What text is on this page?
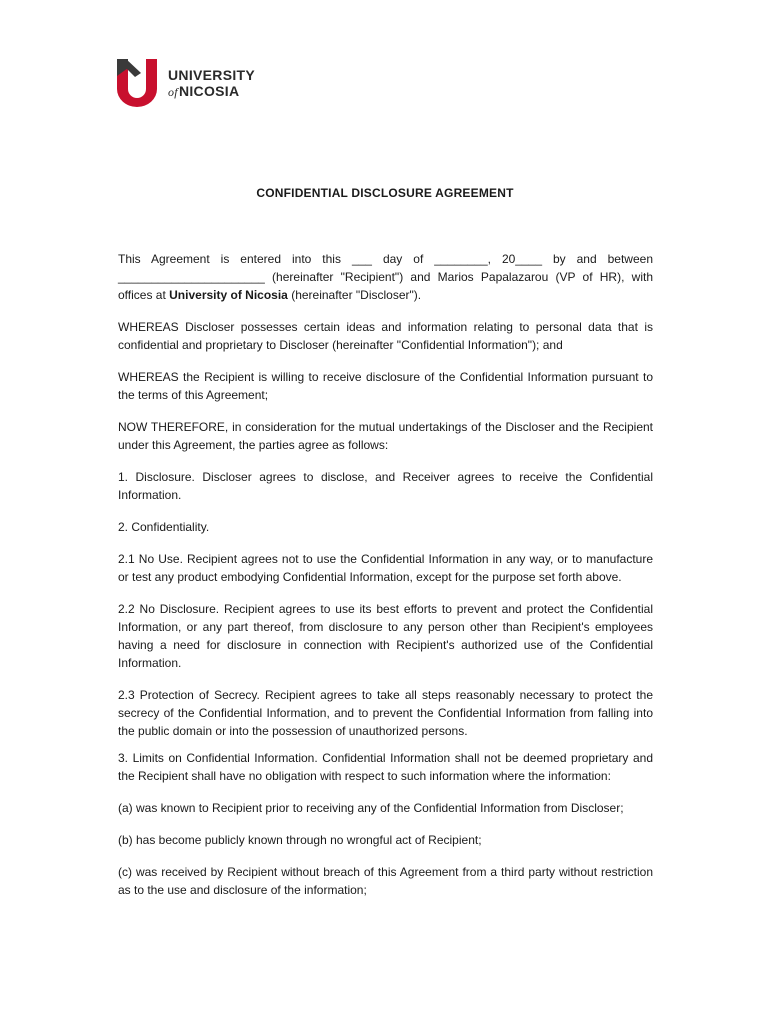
UNIVERSITY
of NICOSIA
CONFIDENTIAL DISCLOSURE AGREEMENT

This Agreement is entered into this ___ day of ________, 20____ by and between ______________________ (hereinafter "Recipient") and Marios Papalazarou (VP of HR), with offices at University of Nicosia (hereinafter "Discloser").

WHEREAS Discloser possesses certain ideas and information relating to personal data that is confidential and proprietary to Discloser (hereinafter "Confidential Information"); and

WHEREAS the Recipient is willing to receive disclosure of the Confidential Information pursuant to the terms of this Agreement;

NOW THEREFORE, in consideration for the mutual undertakings of the Discloser and the Recipient under this Agreement, the parties agree as follows:

1. Disclosure. Discloser agrees to disclose, and Receiver agrees to receive the Confidential Information.

2. Confidentiality.

2.1 No Use. Recipient agrees not to use the Confidential Information in any way, or to manufacture or test any product embodying Confidential Information, except for the purpose set forth above.

2.2 No Disclosure. Recipient agrees to use its best efforts to prevent and protect the Confidential Information, or any part thereof, from disclosure to any person other than Recipient's employees having a need for disclosure in connection with Recipient's authorized use of the Confidential Information.

2.3 Protection of Secrecy. Recipient agrees to take all steps reasonably necessary to protect the secrecy of the Confidential Information, and to prevent the Confidential Information from falling into the public domain or into the possession of unauthorized persons.

3. Limits on Confidential Information. Confidential Information shall not be deemed proprietary and the Recipient shall have no obligation with respect to such information where the information:

(a) was known to Recipient prior to receiving any of the Confidential Information from Discloser;

(b) has become publicly known through no wrongful act of Recipient;

(c) was received by Recipient without breach of this Agreement from a third party without restriction as to the use and disclosure of the information;
